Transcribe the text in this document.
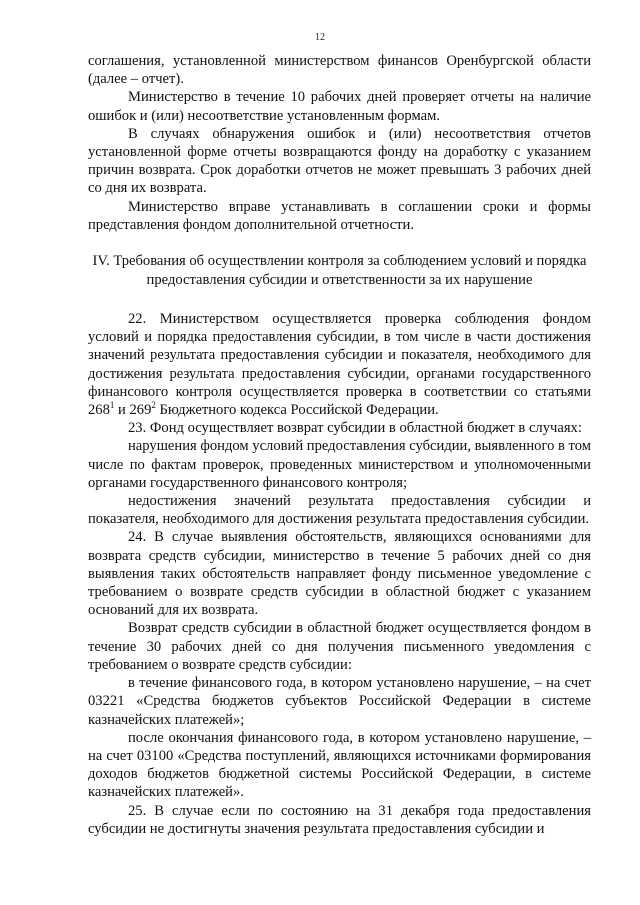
12

соглашения, установленной министерством финансов Оренбургской области (далее – отчет).

Министерство в течение 10 рабочих дней проверяет отчеты на наличие ошибок и (или) несоответствие установленным формам.

В случаях обнаружения ошибок и (или) несоответствия отчетов установленной форме отчеты возвращаются фонду на доработку с указанием причин возврата. Срок доработки отчетов не может превышать 3 рабочих дней со дня их возврата.

Министерство вправе устанавливать в соглашении сроки и формы представления фондом дополнительной отчетности.

IV. Требования об осуществлении контроля за соблюдением условий и порядка предоставления субсидии и ответственности за их нарушение

22. Министерством осуществляется проверка соблюдения фондом условий и порядка предоставления субсидии, в том числе в части достижения значений результата предоставления субсидии и показателя, необходимого для достижения результата предоставления субсидии, органами государственного финансового контроля осуществляется проверка в соответствии со статьями $268^1$ и $269^2$ Бюджетного кодекса Российской Федерации.

23. Фонд осуществляет возврат субсидии в областной бюджет в случаях:

нарушения фондом условий предоставления субсидии, выявленного в том числе по фактам проверок, проведенных министерством и уполномоченными органами государственного финансового контроля;

недостижения значений результата предоставления субсидии и показателя, необходимого для достижения результата предоставления субсидии.

24. В случае выявления обстоятельств, являющихся основаниями для возврата средств субсидии, министерство в течение 5 рабочих дней со дня выявления таких обстоятельств направляет фонду письменное уведомление с требованием о возврате средств субсидии в областной бюджет с указанием оснований для их возврата.

Возврат средств субсидии в областной бюджет осуществляется фондом в течение 30 рабочих дней со дня получения письменного уведомления с требованием о возврате средств субсидии:

в течение финансового года, в котором установлено нарушение, – на счет 03221 «Средства бюджетов субъектов Российской Федерации в системе казначейских платежей»;

после окончания финансового года, в котором установлено нарушение, – на счет 03100 «Средства поступлений, являющихся источниками формирования доходов бюджетов бюджетной системы Российской Федерации, в системе казначейских платежей».

25. В случае если по состоянию на 31 декабря года предоставления субсидии не достигнуты значения результата предоставления субсидии и
